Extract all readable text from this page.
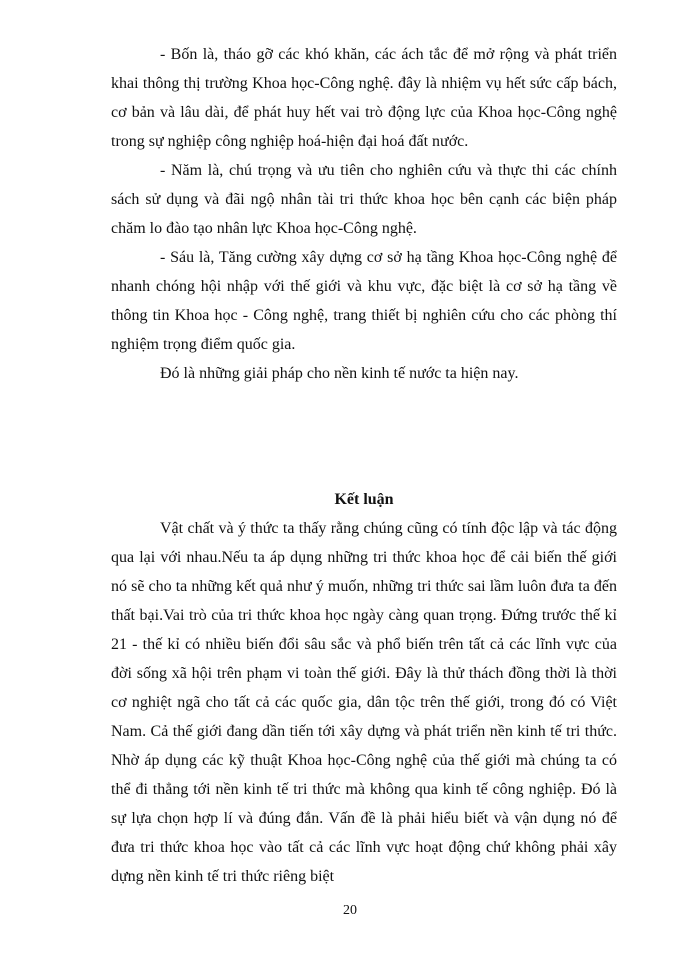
- Bốn là, tháo gỡ các khó khăn, các ách tắc để mở rộng và phát triển khai thông thị trường Khoa học-Công nghệ. đây là nhiệm vụ hết sức cấp bách, cơ bản và lâu dài, để phát huy hết vai trò động lực của Khoa học-Công nghệ trong sự nghiệp công nghiệp hoá-hiện đại hoá đất nước.

- Năm là, chú trọng và ưu tiên cho nghiên cứu và thực thi các chính sách sử dụng và đãi ngộ nhân tài tri thức khoa học bên cạnh các biện pháp chăm lo đào tạo nhân lực Khoa học-Công nghệ.

- Sáu là, Tăng cường xây dựng cơ sở hạ tầng Khoa học-Công nghệ để nhanh chóng hội nhập với thế giới và khu vực, đặc biệt là cơ sở hạ tầng về thông tin Khoa học - Công nghệ, trang thiết bị nghiên cứu cho các phòng thí nghiệm trọng điểm quốc gia.

Đó là những giải pháp cho nền kinh tế nước ta hiện nay.

Kết luận

Vật chất và ý thức ta thấy rằng chúng cũng có tính độc lập và tác động qua lại với nhau.Nếu ta áp dụng những tri thức khoa học để cải biến thế giới nó sẽ cho ta những kết quả như ý muốn, những tri thức sai lầm luôn đưa ta đến thất bại.Vai trò của tri thức khoa học ngày càng quan trọng. Đứng trước thế kỉ 21 - thế kỉ có nhiều biến đổi sâu sắc và phổ biến trên tất cả các lĩnh vực của đời sống xã hội trên phạm vi toàn thế giới. Đây là thử thách đồng thời là thời cơ nghiệt ngã cho tất cả các quốc gia, dân tộc trên thế giới, trong đó có Việt Nam. Cả thế giới đang dần tiến tới xây dựng và phát triển nền kinh tế tri thức. Nhờ áp dụng các kỹ thuật Khoa học-Công nghệ của thế giới mà chúng ta có thể đi thẳng tới nền kinh tế tri thức mà không qua kinh tế công nghiệp. Đó là sự lựa chọn hợp lí và đúng đắn. Vấn đề là phải hiểu biết và vận dụng nó để đưa tri thức khoa học vào tất cả các lĩnh vực hoạt động chứ không phải xây dựng nền kinh tế tri thức riêng biệt

20
